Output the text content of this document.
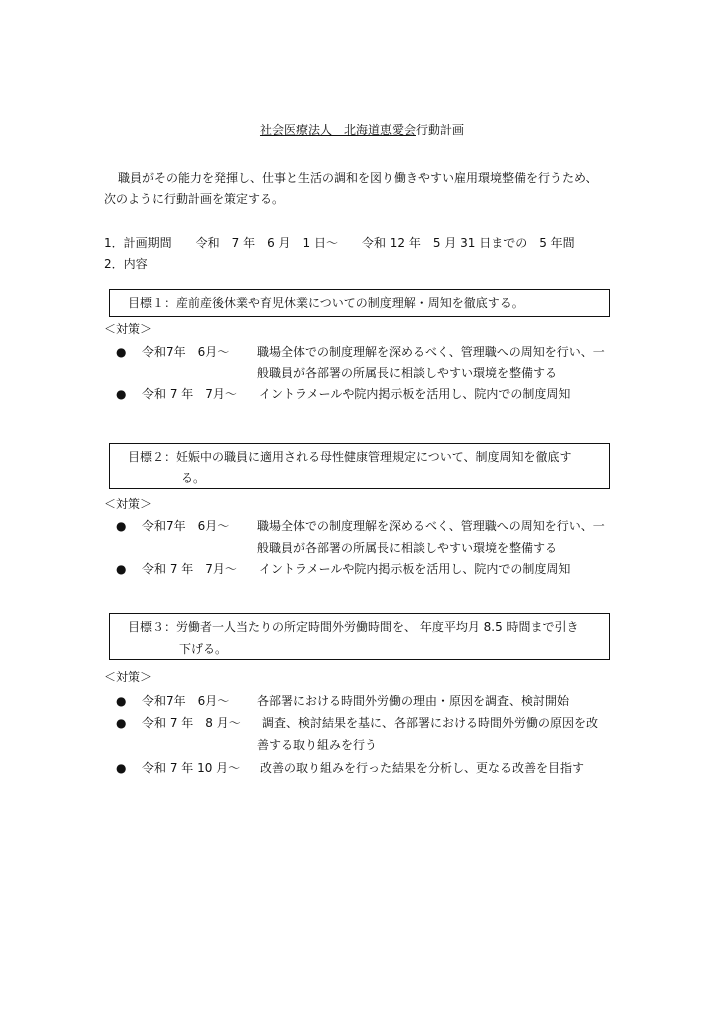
社会医療法人　北海道恵愛会行動計画
職員がその能力を発揮し、仕事と生活の調和を図り働きやすい雇用環境整備を行うため、
次のように行動計画を策定する。
1．計画期間　　令和　7 年　6 月　1 日～　　令和 12 年　5 月 31 日までの　5 年間
2．内容
目標１：産前産後休業や育児休業についての制度理解・周知を徹底する。
＜対策＞
● 令和7年　6月～ 職場全体での制度理解を深めるべく、管理職への周知を行い、一
般職員が各部署の所属長に相談しやすい環境を整備する
● 令和 7 年　7月～ イントラメールや院内掲示板を活用し、院内での制度周知
目標２：妊娠中の職員に適用される母性健康管理規定について、制度周知を徹底す
る。
＜対策＞
● 令和7年　6月～ 職場全体での制度理解を深めるべく、管理職への周知を行い、一
般職員が各部署の所属長に相談しやすい環境を整備する
● 令和 7 年　7月～ イントラメールや院内掲示板を活用し、院内での制度周知
目標３：労働者一人当たりの所定時間外労働時間を、 年度平均月 8.5 時間まで引き
下げる。
＜対策＞
● 令和7年　6月～ 各部署における時間外労働の理由・原因を調査、検討開始
● 令和 7 年　8 月～ 調査、検討結果を基に、各部署における時間外労働の原因を改
善する取り組みを行う
● 令和 7 年 10 月～ 改善の取り組みを行った結果を分析し、更なる改善を目指す
